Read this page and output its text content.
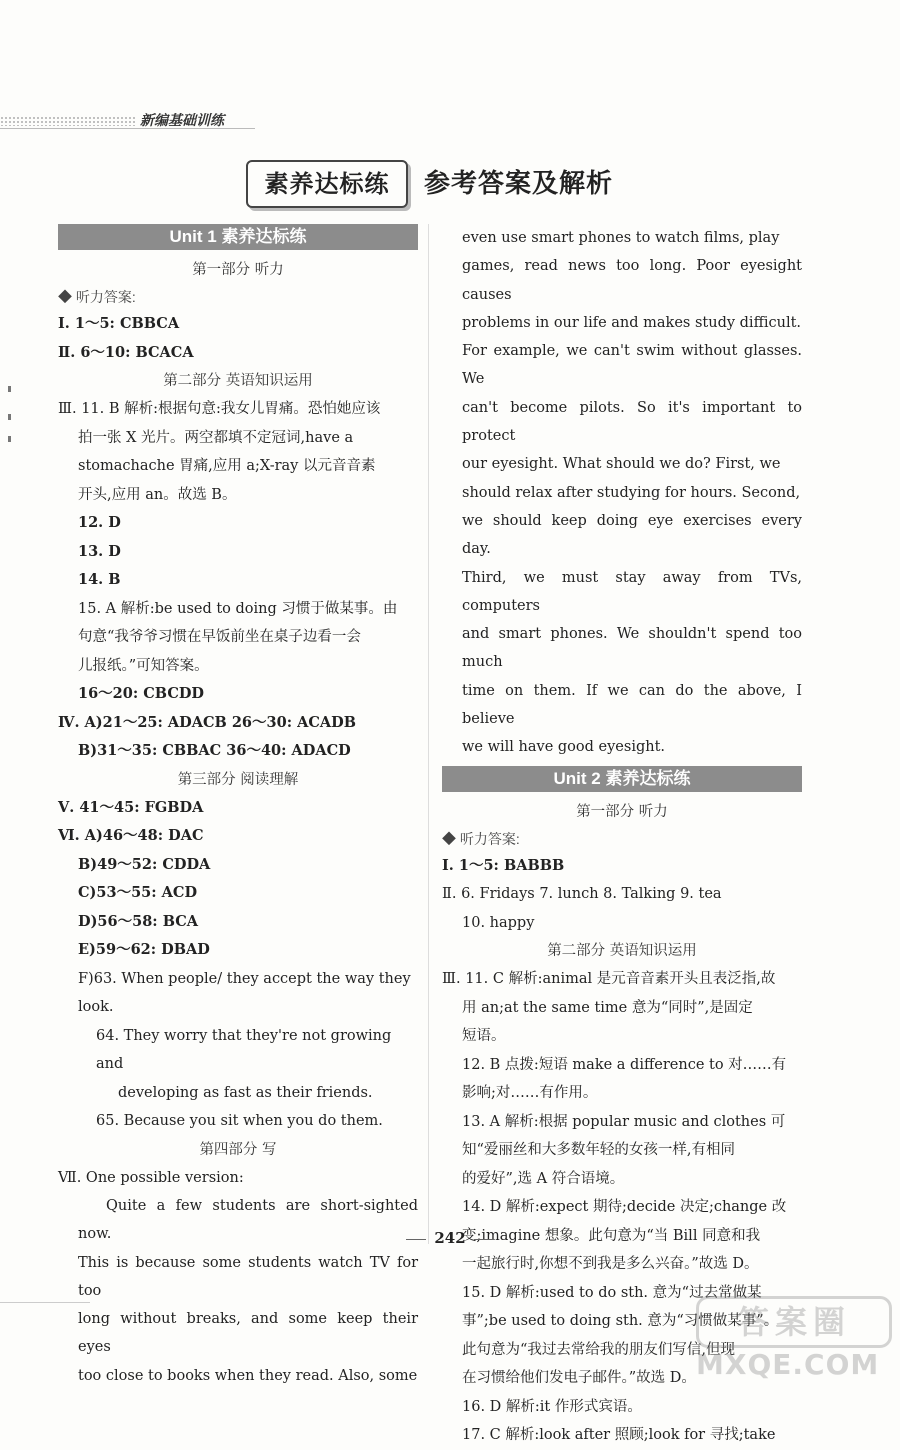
新编基础训练
素养达标练	参考答案及解析
Unit 1 素养达标练
第一部分 听力
◆ 听力答案:
Ⅰ. 1～5: CBBCA
Ⅱ. 6～10: BCACA
第二部分 英语知识运用
Ⅲ. 11. B 解析:根据句意:我女儿胃痛。恐怕她应该
拍一张 X 光片。两空都填不定冠词,have a
stomachache 胃痛,应用 a;X-ray 以元音音素
开头,应用 an。故选 B。
12. D
13. D
14. B
15. A 解析:be used to doing 习惯于做某事。由
句意“我爷爷习惯在早饭前坐在桌子边看一会
儿报纸。”可知答案。
16～20: CBCDD
Ⅳ. A)21～25: ADACB 26～30: ACADB
B)31～35: CBBAC 36～40: ADACD
第三部分 阅读理解
Ⅴ. 41～45: FGBDA
Ⅵ. A)46～48: DAC
B)49～52: CDDA
C)53～55: ACD
D)56～58: BCA
E)59～62: DBAD
F)63. When people/ they accept the way they look.
64. They worry that they're not growing and
developing as fast as their friends.
65. Because you sit when you do them.
第四部分 写
Ⅶ. One possible version:

Quite a few students are short-sighted now.

This is because some students watch TV for too

long without breaks, and some keep their eyes

too close to books when they read. Also, some

even use smart phones to watch films, play

games, read news too long. Poor eyesight causes

problems in our life and makes study difficult.

For example, we can't swim without glasses. We

can't become pilots. So it's important to protect

our eyesight. What should we do? First, we

should relax after studying for hours. Second,

we should keep doing eye exercises every day.

Third, we must stay away from TVs, computers

and smart phones. We shouldn't spend too much

time on them. If we can do the above, I believe

we will have good eyesight.

Unit 2 素养达标练
第一部分 听力
◆ 听力答案:
Ⅰ. 1～5: BABBB
Ⅱ. 6. Fridays 7. lunch 8. Talking 9. tea
10. happy
第二部分 英语知识运用
Ⅲ. 11. C 解析:animal 是元音音素开头且表泛指,故
用 an;at the same time 意为“同时”,是固定
短语。
12. B 点拨:短语 make a difference to 对……有
影响;对……有作用。
13. A 解析:根据 popular music and clothes 可
知“爱丽丝和大多数年轻的女孩一样,有相同
的爱好”,选 A 符合语境。
14. D 解析:expect 期待;decide 决定;change 改
变;imagine 想象。此句意为“当 Bill 同意和我
一起旅行时,你想不到我是多么兴奋。”故选 D。
15. D 解析:used to do sth. 意为“过去常做某
事”;be used to doing sth. 意为“习惯做某事”。
此句意为“我过去常给我的朋友们写信,但现
在习惯给他们发电子邮件。”故选 D。
16. D 解析:it 作形式宾语。
17. C 解析:look after 照顾;look for 寻找;take
242
答案圈
MXQE.COM
